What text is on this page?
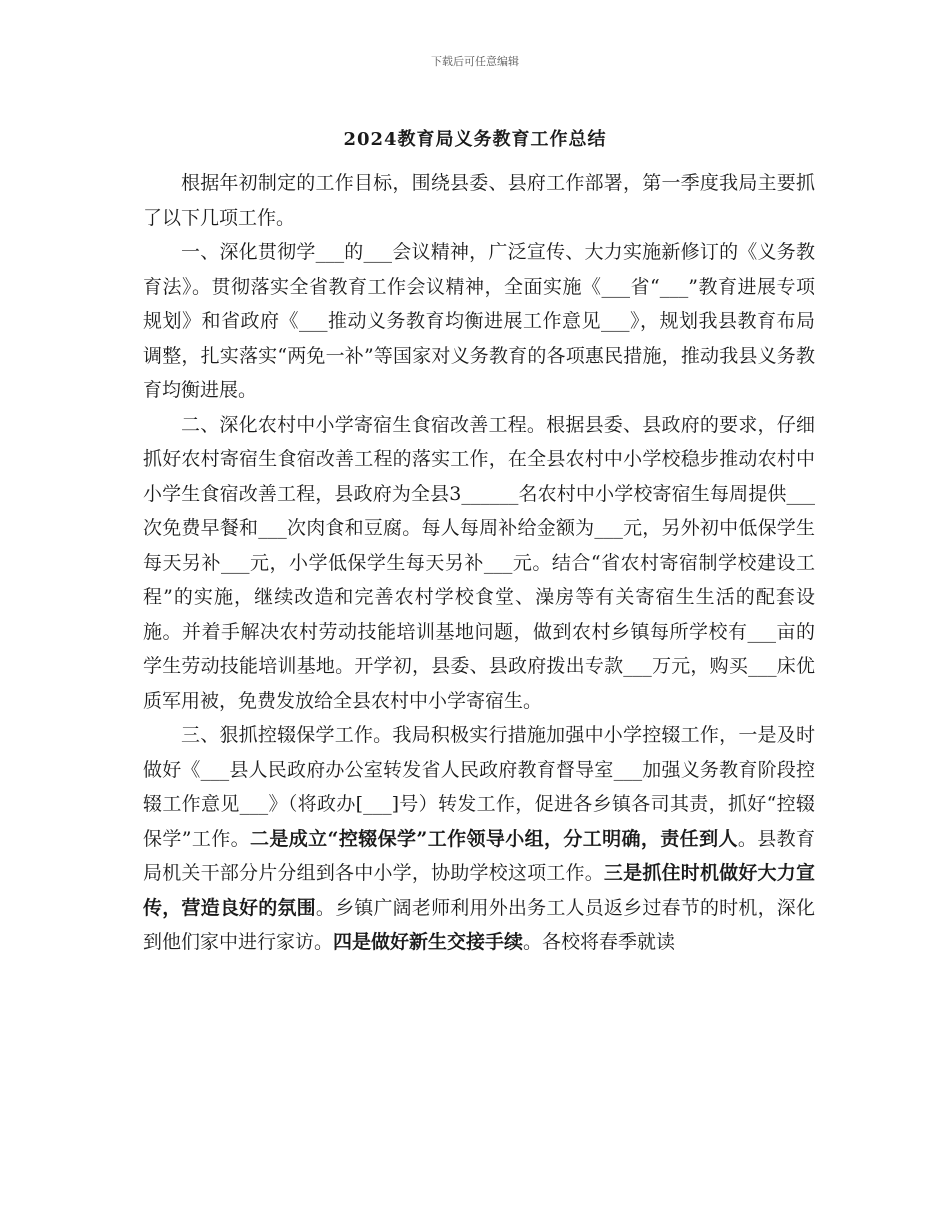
下载后可任意编辑
2024教育局义务教育工作总结

根据年初制定的工作目标，围绕县委、县府工作部署，第一季度我局主要抓了以下几项工作。

一、深化贯彻学___的___会议精神，广泛宣传、大力实施新修订的《义务教育法》。贯彻落实全省教育工作会议精神，全面实施《___省“___”教育进展专项规划》和省政府《___推动义务教育均衡进展工作意见___》，规划我县教育布局调整，扎实落实“两免一补”等国家对义务教育的各项惠民措施，推动我县义务教育均衡进展。

二、深化农村中小学寄宿生食宿改善工程。根据县委、县政府的要求，仔细抓好农村寄宿生食宿改善工程的落实工作，在全县农村中小学校稳步推动农村中小学生食宿改善工程，县政府为全县3______名农村中小学校寄宿生每周提供___次免费早餐和___次肉食和豆腐。每人每周补给金额为___元，另外初中低保学生每天另补___元，小学低保学生每天另补___元。结合“省农村寄宿制学校建设工程”的实施，继续改造和完善农村学校食堂、澡房等有关寄宿生生活的配套设施。并着手解决农村劳动技能培训基地问题，做到农村乡镇每所学校有___亩的学生劳动技能培训基地。开学初，县委、县政府拨出专款___万元，购买___床优质军用被，免费发放给全县农村中小学寄宿生。

三、狠抓控辍保学工作。我局积极实行措施加强中小学控辍工作，一是及时做好《___县人民政府办公室转发省人民政府教育督导室___加强义务教育阶段控辍工作意见___》（将政办[___]号）转发工作，促进各乡镇各司其责，抓好“控辍保学”工作。二是成立“控辍保学”工作领导小组，分工明确，责任到人。县教育局机关干部分片分组到各中小学，协助学校这项工作。三是抓住时机做好大力宣传，营造良好的氛围。乡镇广阔老师利用外出务工人员返乡过春节的时机，深化到他们家中进行家访。四是做好新生交接手续。各校将春季就读
